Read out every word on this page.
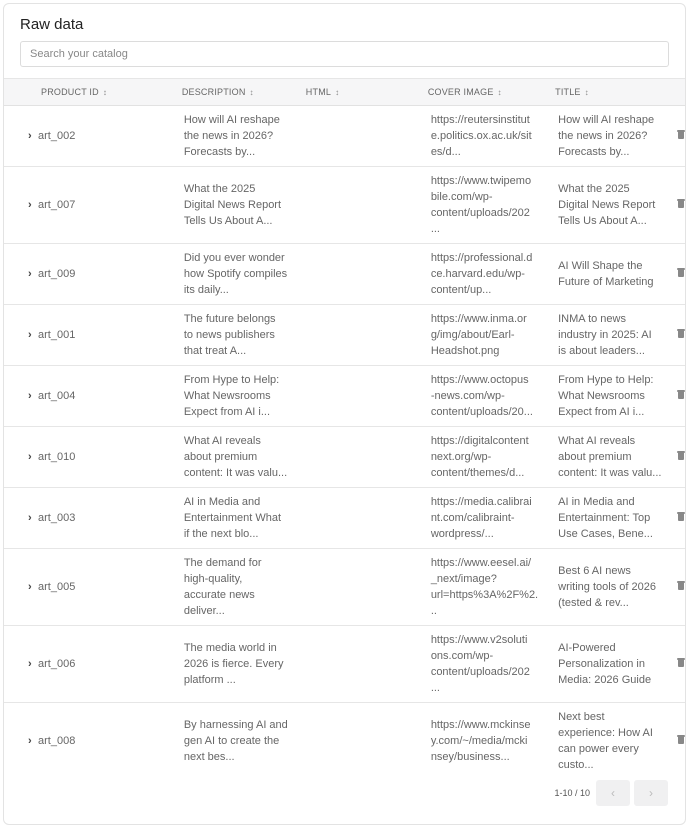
Raw data
Search your catalog
	PRODUCT ID ↕	DESCRIPTION ↕	HTML ↕	COVER IMAGE ↕	TITLE ↕	
	› art_002	How will AI reshape
the news in 2026?
Forecasts by...		https://reutersinstitut
e.politics.ox.ac.uk/sit
es/d...	How will AI reshape
the news in 2026?
Forecasts by...	

	› art_007	What the 2025
Digital News Report
Tells Us About A...		https://www.twipemo
bile.com/wp-
content/uploads/202
...	What the 2025
Digital News Report
Tells Us About A...	

	› art_009	Did you ever wonder
how Spotify compiles
its daily...		https://professional.d
ce.harvard.edu/wp-
content/up...	AI Will Shape the
Future of Marketing	

	› art_001	The future belongs
to news publishers
that treat A...		https://www.inma.or
g/img/about/Earl-
Headshot.png	INMA to news
industry in 2025: AI
is about leaders...	

	› art_004	From Hype to Help:
What Newsrooms
Expect from AI i...		https://www.octopus
-news.com/wp-
content/uploads/20...	From Hype to Help:
What Newsrooms
Expect from AI i...	

	› art_010	What AI reveals
about premium
content: It was valu...		https://digitalcontent
next.org/wp-
content/themes/d...	What AI reveals
about premium
content: It was valu...	

	› art_003	AI in Media and
Entertainment What
if the next blo...		https://media.calibrai
nt.com/calibraint-
wordpress/...	AI in Media and
Entertainment: Top
Use Cases, Bene...	

	› art_005	The demand for
high-quality,
accurate news
deliver...		https://www.eesel.ai/
_next/image?
url=https%3A%2F%2.
..	Best 6 AI news
writing tools of 2026
(tested & rev...	

	› art_006	The media world in
2026 is fierce. Every
platform ...		https://www.v2soluti
ons.com/wp-
content/uploads/202
...	AI-Powered
Personalization in
Media: 2026 Guide	

	› art_008	By harnessing AI and
gen AI to create the
next bes...		https://www.mckinse
y.com/~/media/mcki
nsey/business...	Next best
experience: How AI
can power every
custo...	

1-10 / 10	‹	›
